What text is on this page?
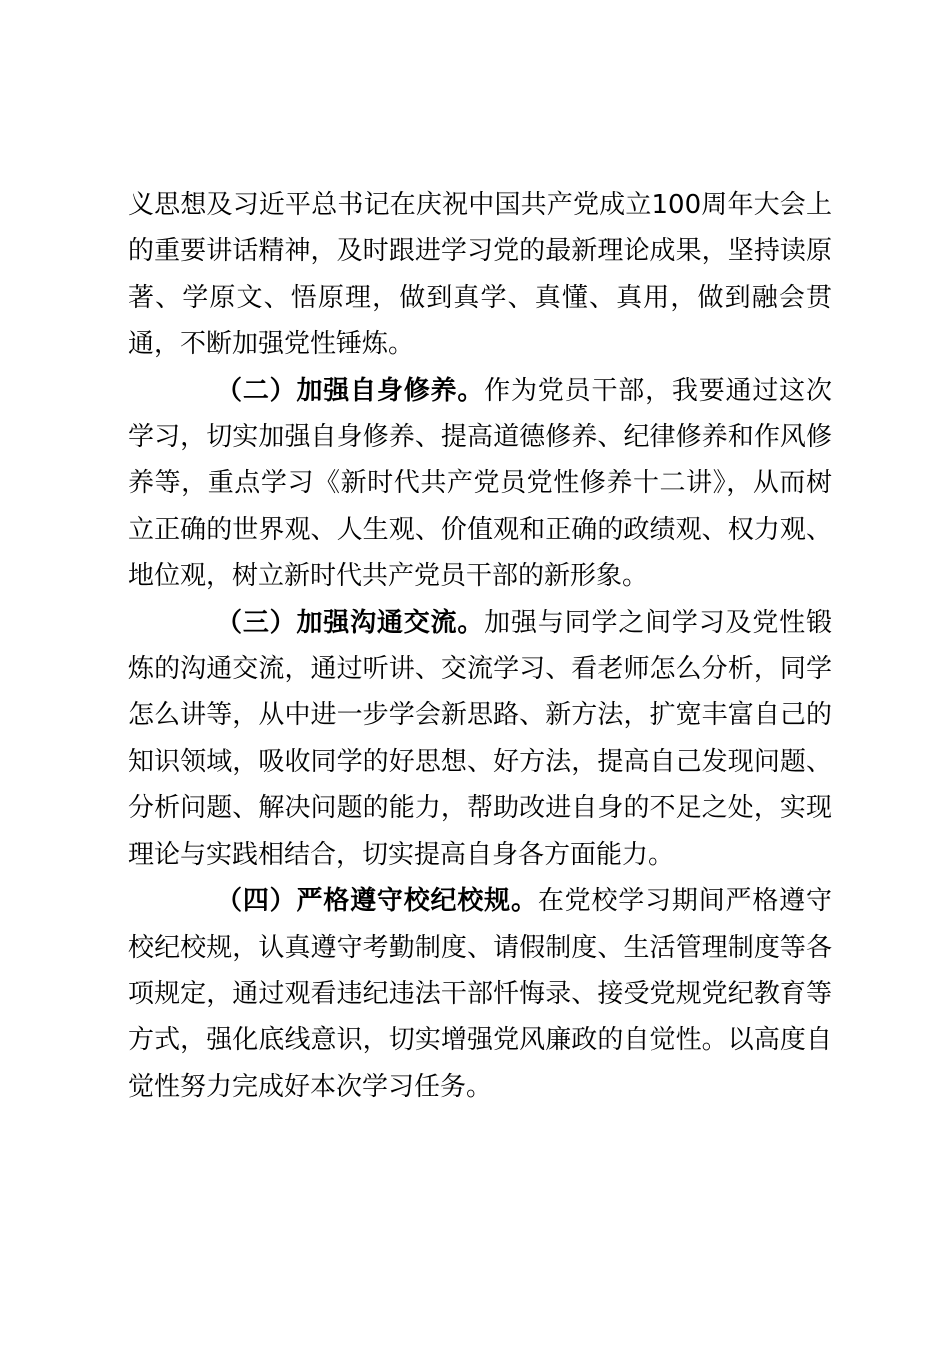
义思想及习近平总书记在庆祝中国共产党成立100周年大会上的重要讲话精神，及时跟进学习党的最新理论成果，坚持读原著、学原文、悟原理，做到真学、真懂、真用，做到融会贯通，不断加强党性锤炼。

（二）加强自身修养。作为党员干部，我要通过这次学习，切实加强自身修养、提高道德修养、纪律修养和作风修养等，重点学习《新时代共产党员党性修养十二讲》，从而树立正确的世界观、人生观、价值观和正确的政绩观、权力观、地位观，树立新时代共产党员干部的新形象。

（三）加强沟通交流。加强与同学之间学习及党性锻炼的沟通交流，通过听讲、交流学习、看老师怎么分析，同学怎么讲等，从中进一步学会新思路、新方法，扩宽丰富自己的知识领域，吸收同学的好思想、好方法，提高自己发现问题、分析问题、解决问题的能力，帮助改进自身的不足之处，实现理论与实践相结合，切实提高自身各方面能力。

（四）严格遵守校纪校规。在党校学习期间严格遵守校纪校规，认真遵守考勤制度、请假制度、生活管理制度等各项规定，通过观看违纪违法干部忏悔录、接受党规党纪教育等方式，强化底线意识，切实增强党风廉政的自觉性。以高度自觉性努力完成好本次学习任务。
